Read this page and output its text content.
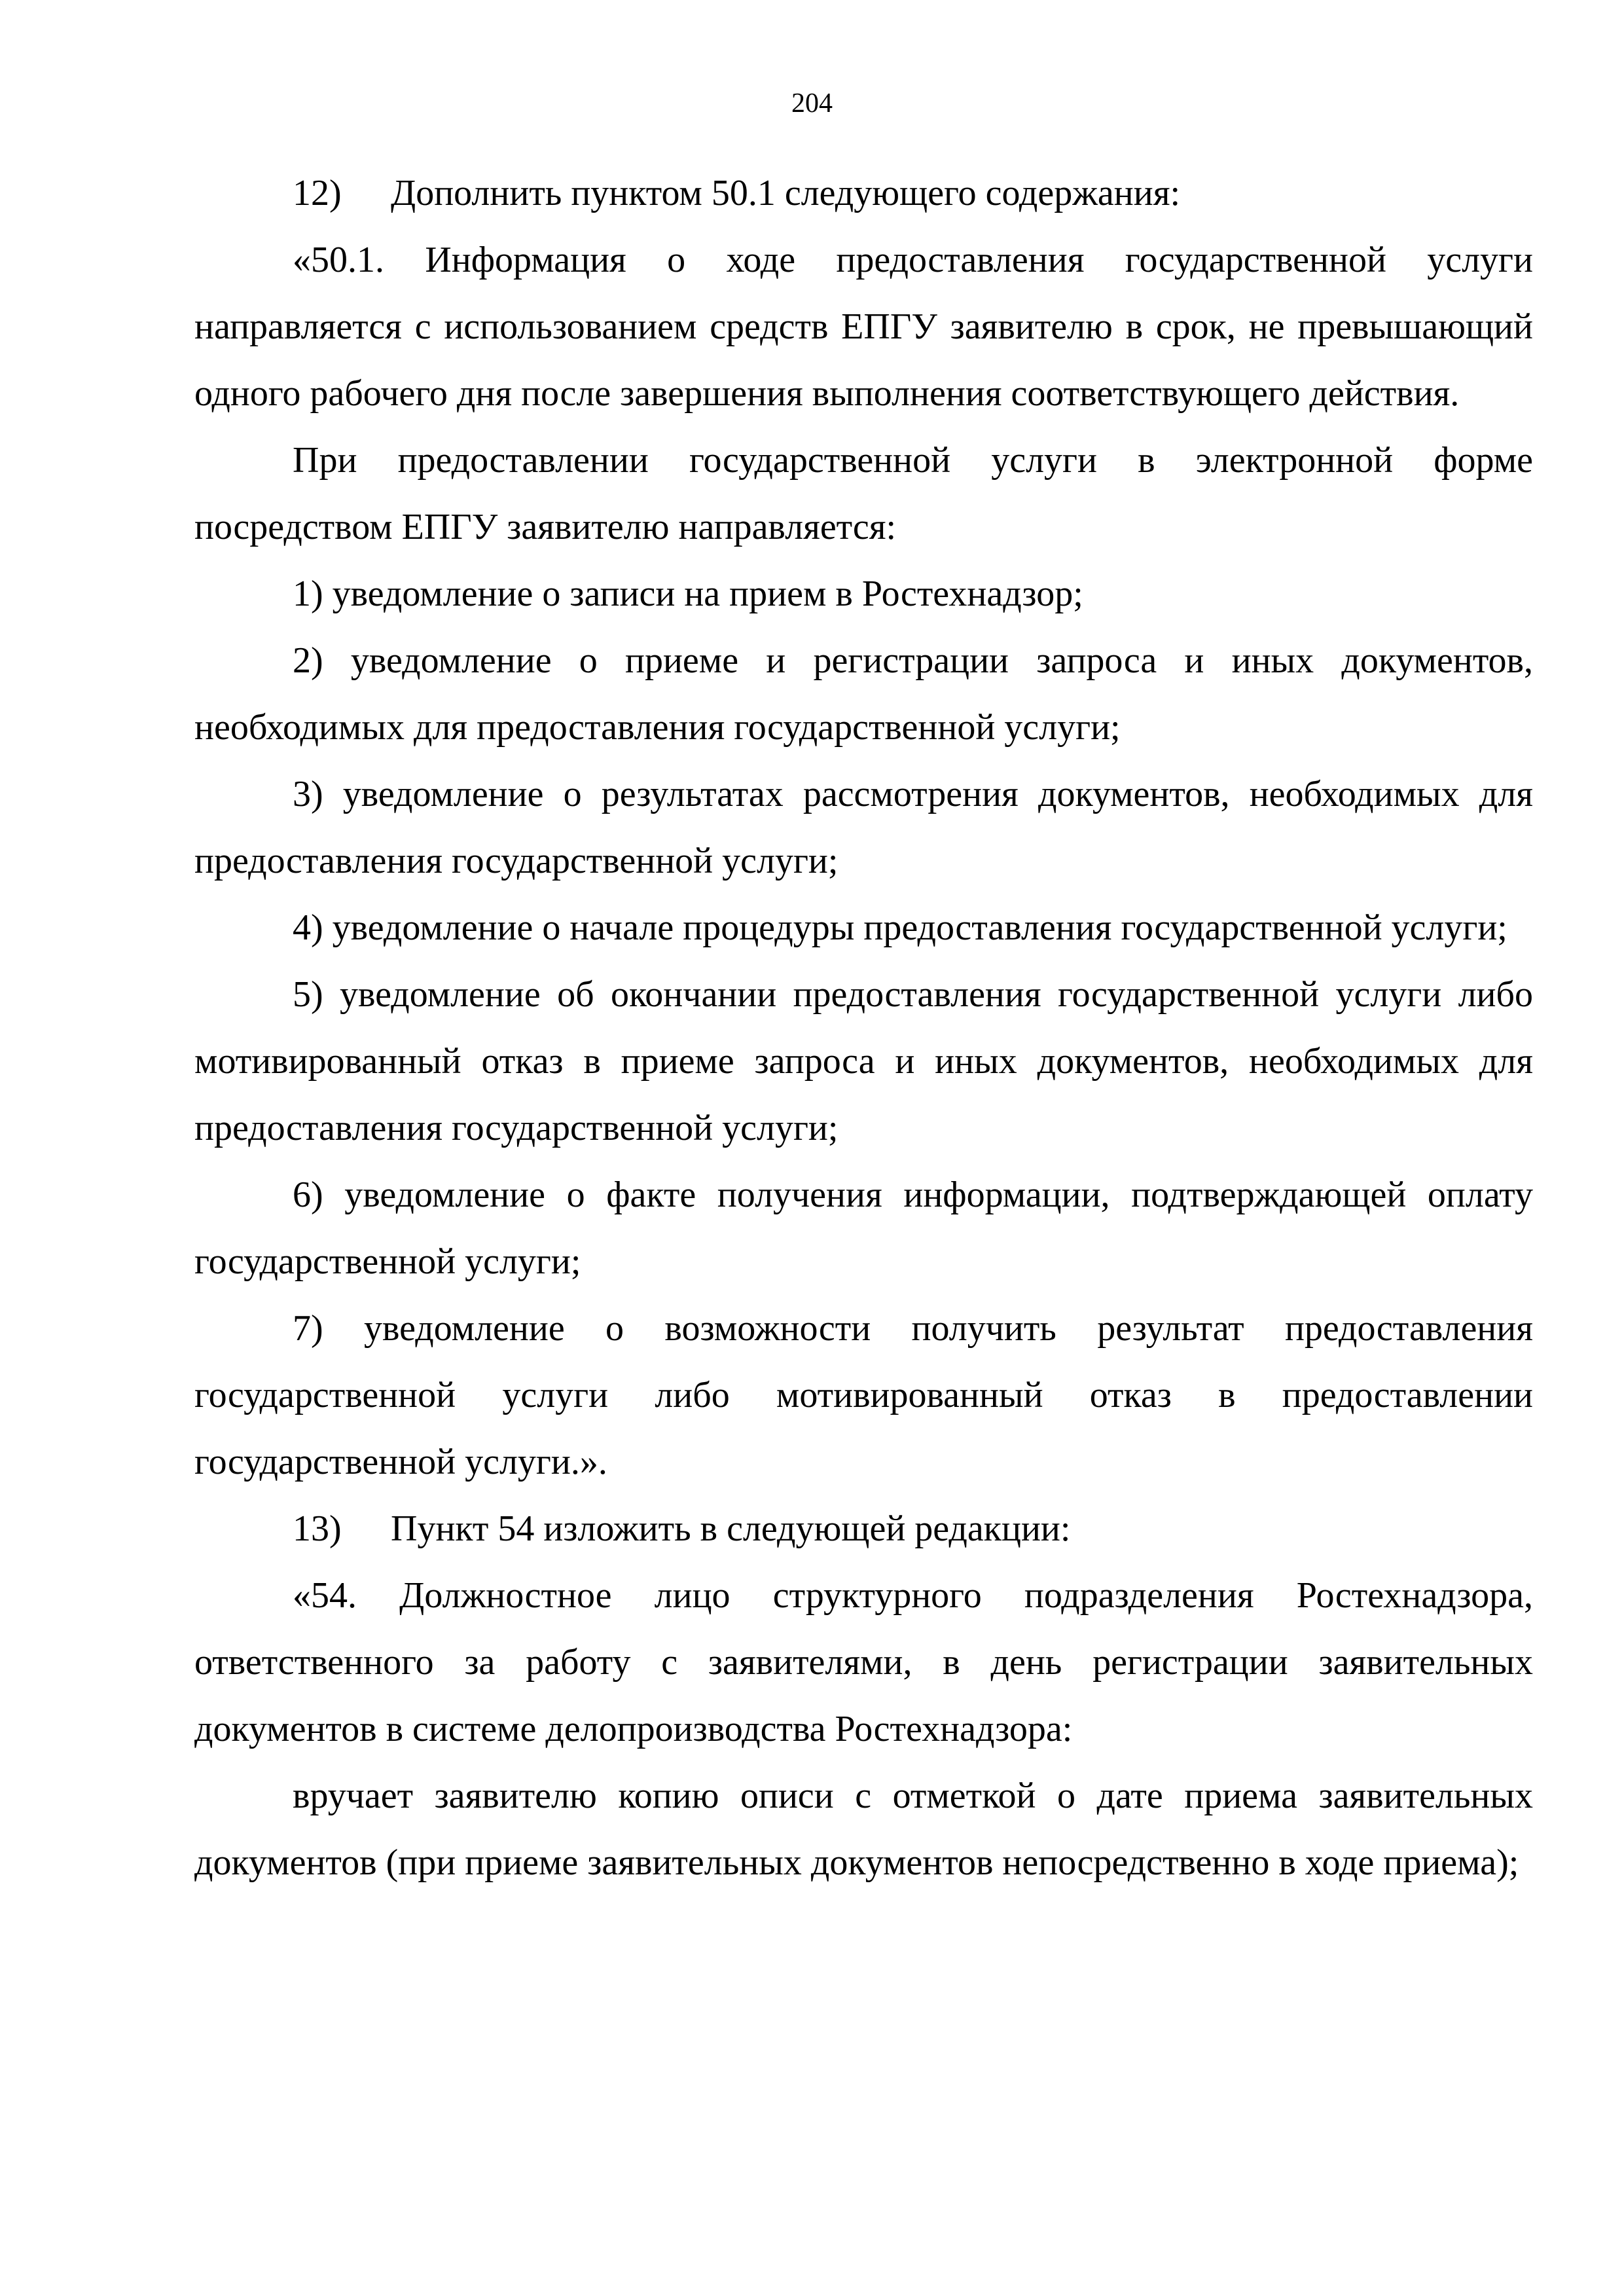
204

12) Дополнить пунктом 50.1 следующего содержания:

«50.1. Информация о ходе предоставления государственной услуги направляется с использованием средств ЕПГУ заявителю в срок, не превышающий одного рабочего дня после завершения выполнения соответствующего действия.

При предоставлении государственной услуги в электронной форме посредством ЕПГУ заявителю направляется:

1) уведомление о записи на прием в Ростехнадзор;

2) уведомление о приеме и регистрации запроса и иных документов, необходимых для предоставления государственной услуги;

3) уведомление о результатах рассмотрения документов, необходимых для предоставления государственной услуги;

4) уведомление о начале процедуры предоставления государственной услуги;

5) уведомление об окончании предоставления государственной услуги либо мотивированный отказ в приеме запроса и иных документов, необходимых для предоставления государственной услуги;

6) уведомление о факте получения информации, подтверждающей оплату государственной услуги;

7) уведомление о возможности получить результат предоставления государственной услуги либо мотивированный отказ в предоставлении государственной услуги.».

13) Пункт 54 изложить в следующей редакции:

«54. Должностное лицо структурного подразделения Ростехнадзора, ответственного за работу с заявителями, в день регистрации заявительных документов в системе делопроизводства Ростехнадзора:

вручает заявителю копию описи с отметкой о дате приема заявительных документов (при приеме заявительных документов непосредственно в ходе приема);
